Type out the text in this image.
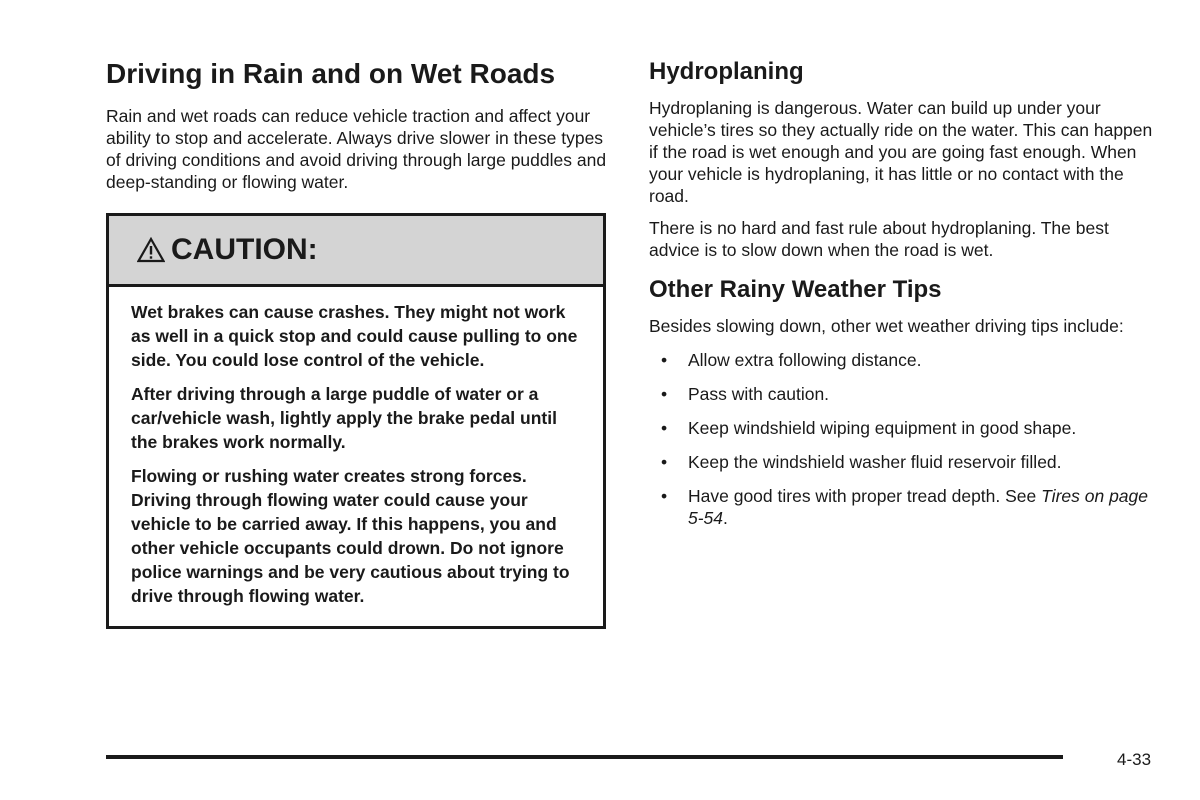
Driving in Rain and on Wet Roads

Rain and wet roads can reduce vehicle traction and affect your ability to stop and accelerate. Always drive slower in these types of driving conditions and avoid driving through large puddles and deep-standing or flowing water.

CAUTION:

Wet brakes can cause crashes. They might not work as well in a quick stop and could cause pulling to one side. You could lose control of the vehicle.

After driving through a large puddle of water or a car/vehicle wash, lightly apply the brake pedal until the brakes work normally.

Flowing or rushing water creates strong forces. Driving through flowing water could cause your vehicle to be carried away. If this happens, you and other vehicle occupants could drown. Do not ignore police warnings and be very cautious about trying to drive through flowing water.

Hydroplaning

Hydroplaning is dangerous. Water can build up under your vehicle’s tires so they actually ride on the water. This can happen if the road is wet enough and you are going fast enough. When your vehicle is hydroplaning, it has little or no contact with the road.

There is no hard and fast rule about hydroplaning. The best advice is to slow down when the road is wet.

Other Rainy Weather Tips

Besides slowing down, other wet weather driving tips include:

• Allow extra following distance.
• Pass with caution.
• Keep windshield wiping equipment in good shape.
• Keep the windshield washer fluid reservoir filled.
• Have good tires with proper tread depth. See Tires on page 5-54.
4-33
